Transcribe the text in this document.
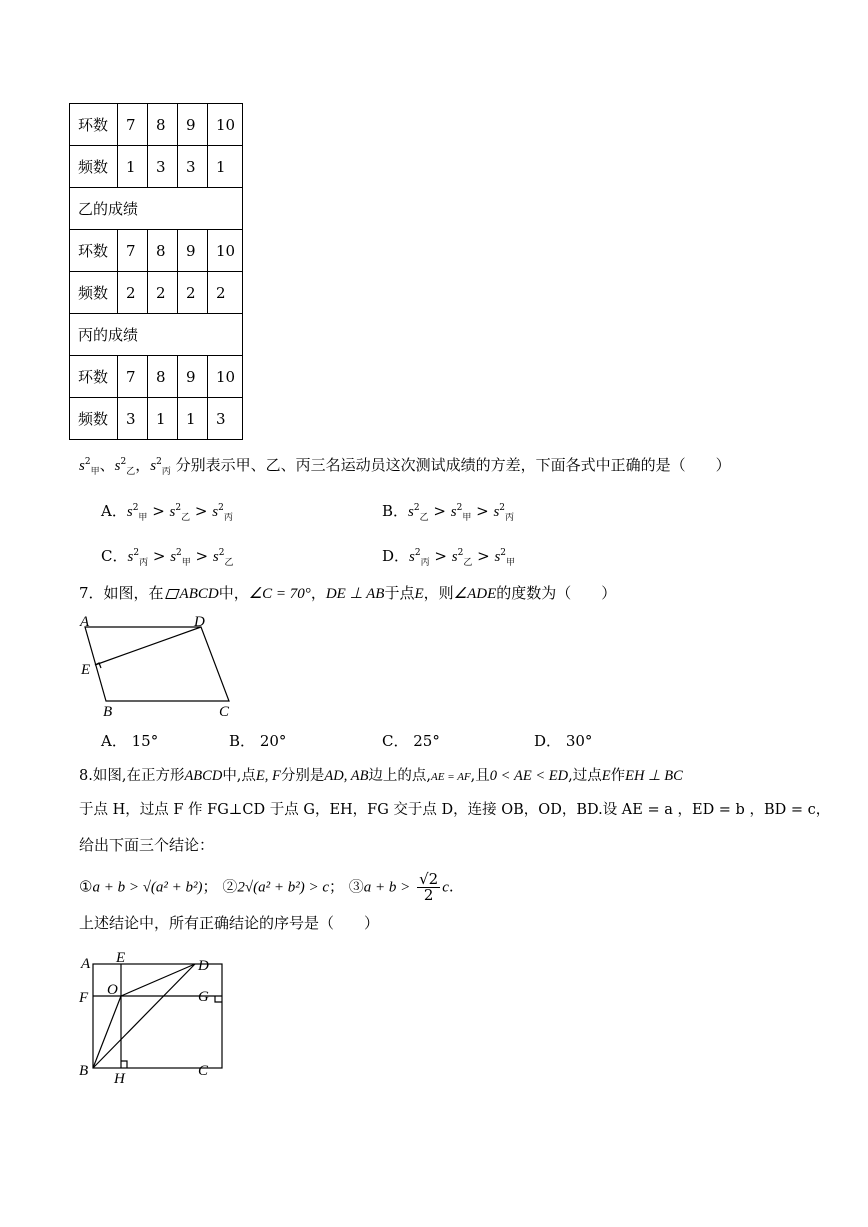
环数	7	8	9	10
频数	1	3	3	1
乙的成绩				
环数	7	8	9	10
频数	2	2	2	2
丙的成绩				
环数	7	8	9	10
频数	3	1	1	3
$s^2_甲$、$s^2_乙$，$s^2_丙$ 分别表示甲、乙、丙三名运动员这次测试成绩的方差，下面各式中正确的是（　　）
A．$s^2_甲 > s^2_乙 > s^2_丙$	B．$s^2_乙 > s^2_甲 > s^2_丙$
C．$s^2_丙 > s^2_甲 > s^2_乙$	D．$s^2_丙 > s^2_乙 > s^2_甲$
7．如图，在 ABCD中，∠C = 70°，DE ⊥ AB于点E，则∠ADE的度数为（　　）
A	D
E
B	C
A． 15°	B． 20°	C． 25°	D． 30°
8.如图,在正方形ABCD中,点E, F分别是AD, AB边上的点,AE = AF,且0 < AE < ED,过点E作EH ⊥ BC
于点 H，过点 F 作 FG⊥CD 于点 G，EH，FG 交于点 D，连接 OB，OD，BD.设 AE = a ，ED = b ，BD = c，
给出下面三个结论：
①a + b > √(a² + b²)； ②2√(a² + b²) > c； ③a + $b > \frac{√2}{2} c$.
上述结论中，所有正确结论的序号是（　　）
A E	D
F O	G
B H	C
